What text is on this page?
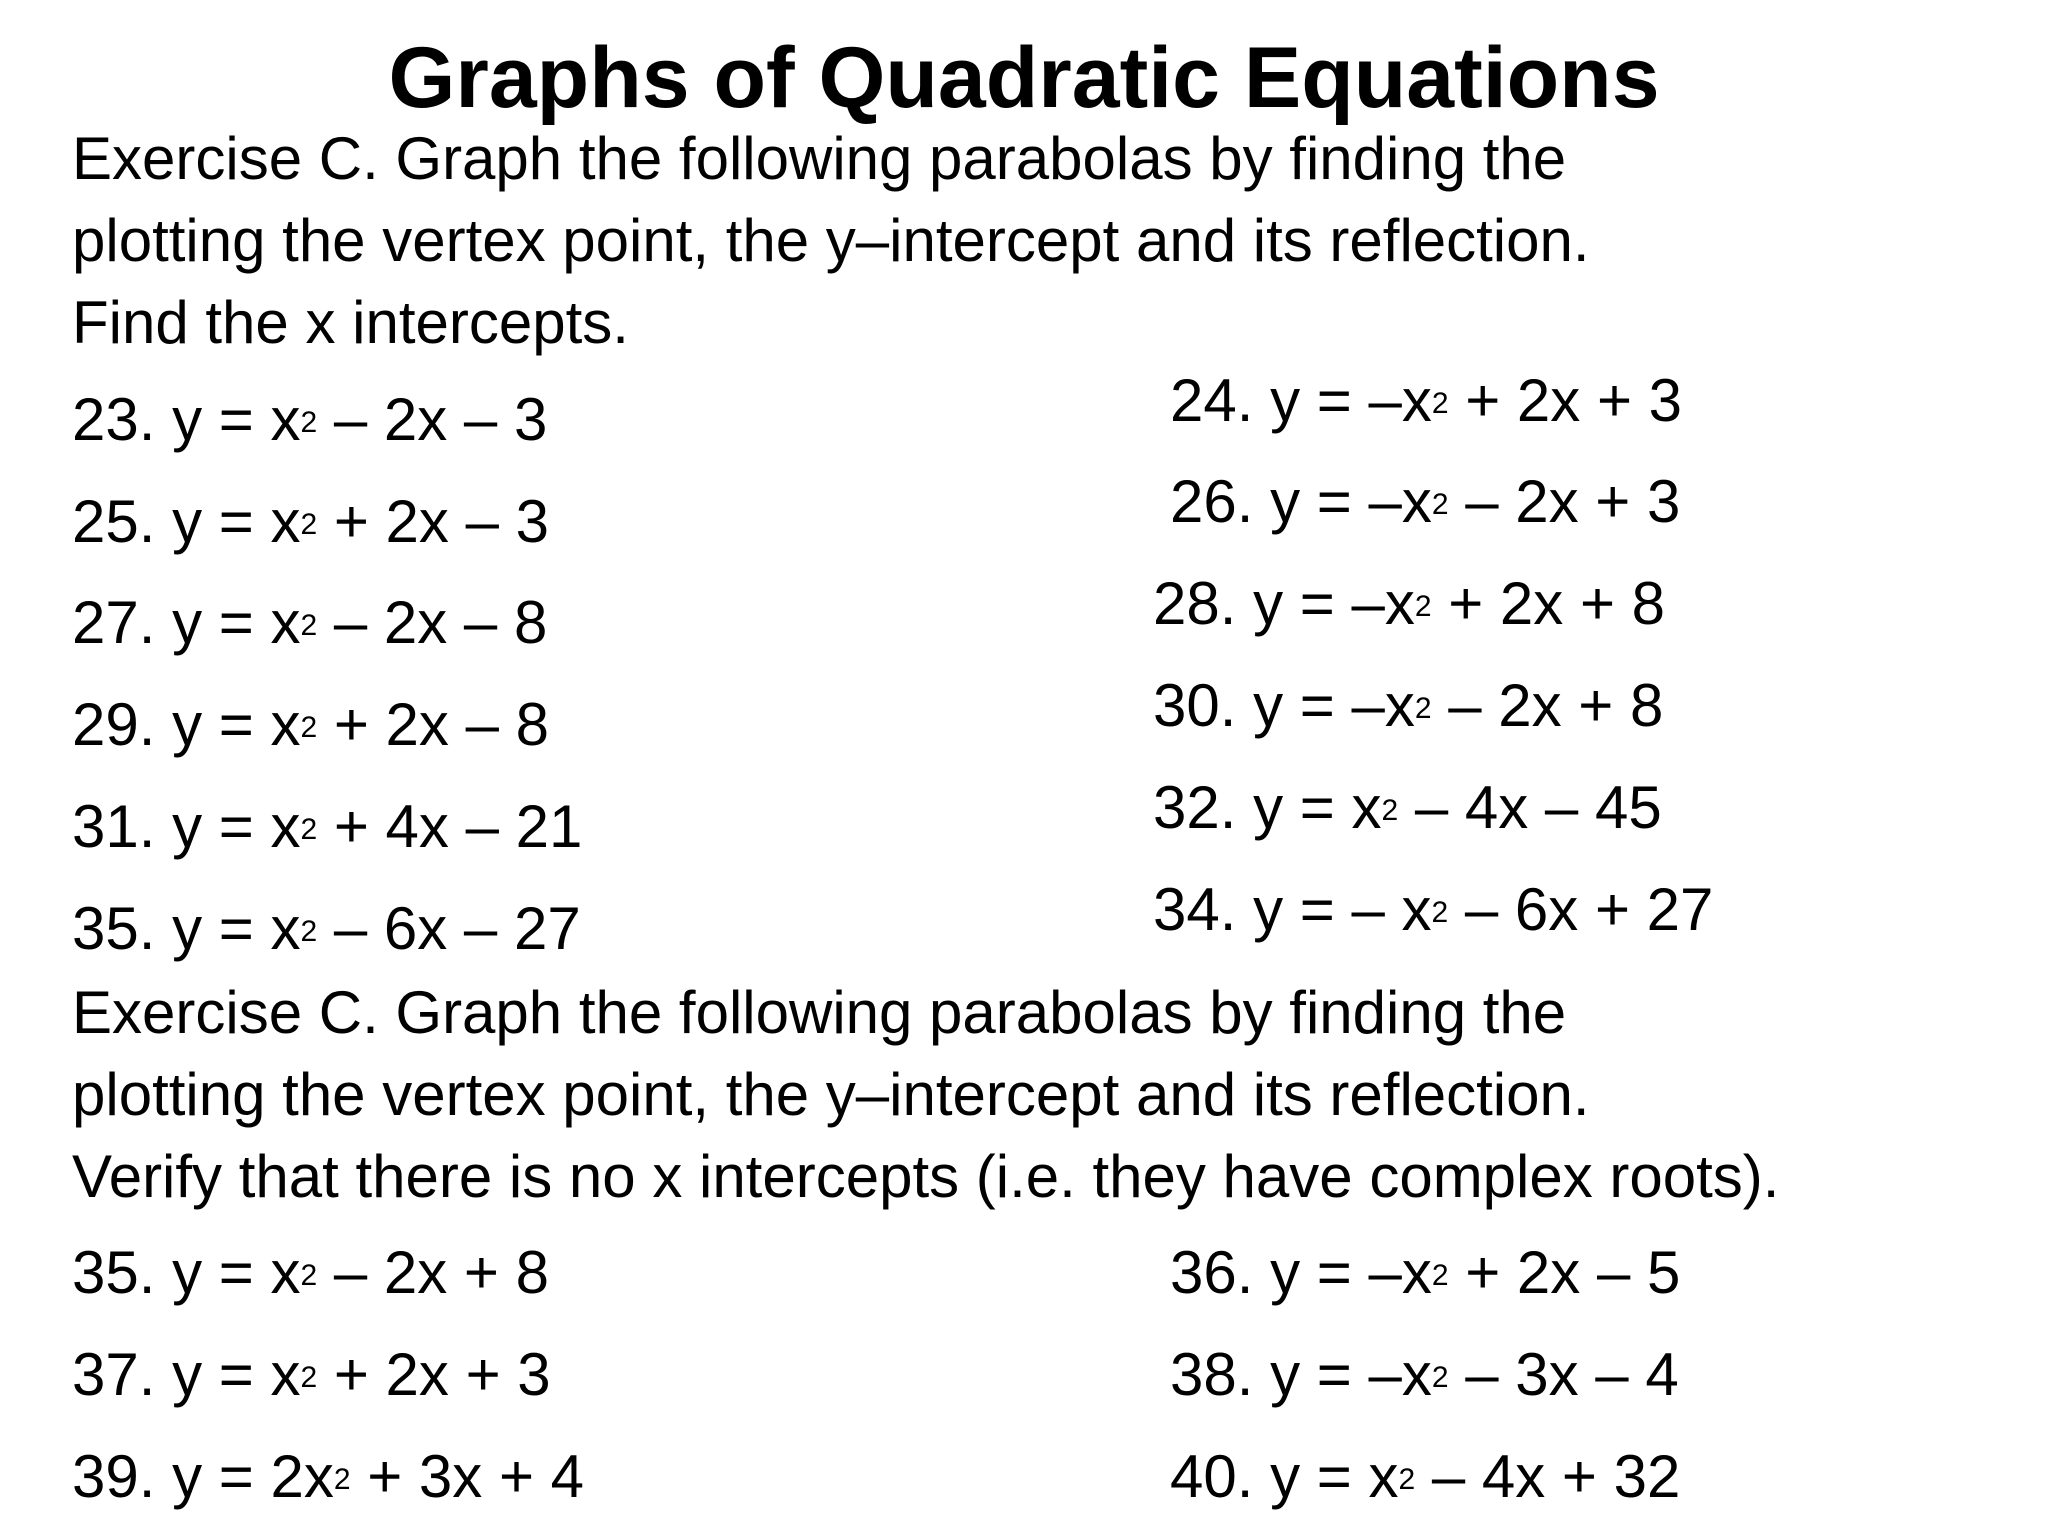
Graphs of Quadratic Equations
Exercise C. Graph the following parabolas by finding the
plotting the vertex point, the y–intercept and its reflection.
Find the x intercepts.
23. $y = x^2 - 2x - 3$	24. $y = -x^2 + 2x + 3$
25. $y = x^2 + 2x - 3$	26. $y = -x^2 - 2x + 3$
27. $y = x^2 - 2x - 8$	28. $y = -x^2 + 2x + 8$
29. $y = x^2 + 2x - 8$	30. $y = -x^2 - 2x + 8$
31. $y = x^2 + 4x - 21$	32. $y = x^2 - 4x - 45$
35. $y = x^2 - 6x - 27$	34. y = – $x^2 - 6x + 27$
Exercise C. Graph the following parabolas by finding the
plotting the vertex point, the y–intercept and its reflection.
Verify that there is no x intercepts (i.e. they have complex roots).
35. $y = x^2 - 2x + 8$	36. $y = -x^2 + 2x - 5$
37. $y = x^2 + 2x + 3$	38. $y = -x^2 - 3x - 4$
39. $y = 2x^2 + 3x + 4$	40. $y = x^2 - 4x + 32$
